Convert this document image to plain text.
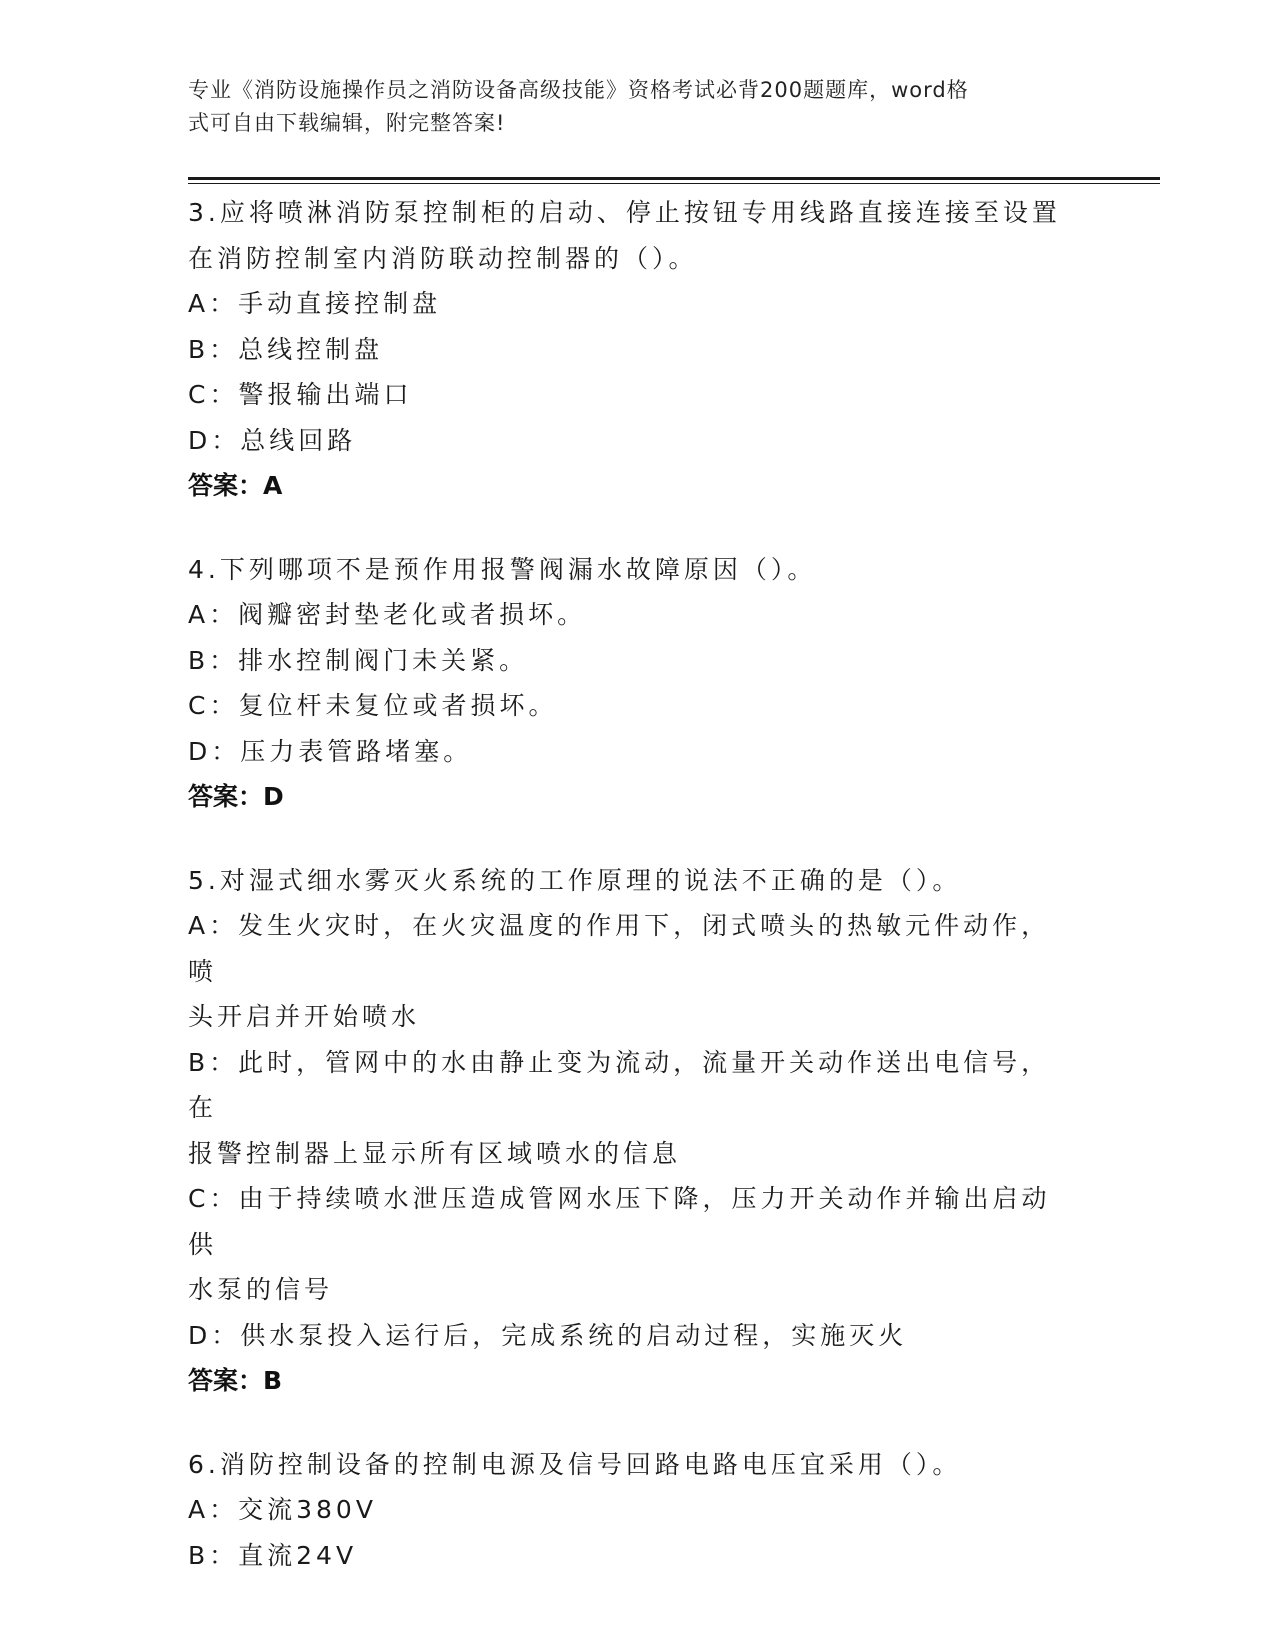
专业《消防设施操作员之消防设备高级技能》资格考试必背200题题库，word格
式可自由下载编辑，附完整答案!
3.应将喷淋消防泵控制柜的启动、停止按钮专用线路直接连接至设置
在消防控制室内消防联动控制器的（）。
A：手动直接控制盘
B：总线控制盘
C：警报输出端口
D：总线回路
答案：A
4.下列哪项不是预作用报警阀漏水故障原因（）。
A：阀瓣密封垫老化或者损坏。
B：排水控制阀门未关紧。
C：复位杆未复位或者损坏。
D：压力表管路堵塞。
答案：D
5.对湿式细水雾灭火系统的工作原理的说法不正确的是（）。
A：发生火灾时，在火灾温度的作用下，闭式喷头的热敏元件动作，喷
头开启并开始喷水
B：此时，管网中的水由静止变为流动，流量开关动作送出电信号，在
报警控制器上显示所有区域喷水的信息
C：由于持续喷水泄压造成管网水压下降，压力开关动作并输出启动供
水泵的信号
D：供水泵投入运行后，完成系统的启动过程，实施灭火
答案：B
6.消防控制设备的控制电源及信号回路电路电压宜采用（）。
A：交流380V
B：直流24V
